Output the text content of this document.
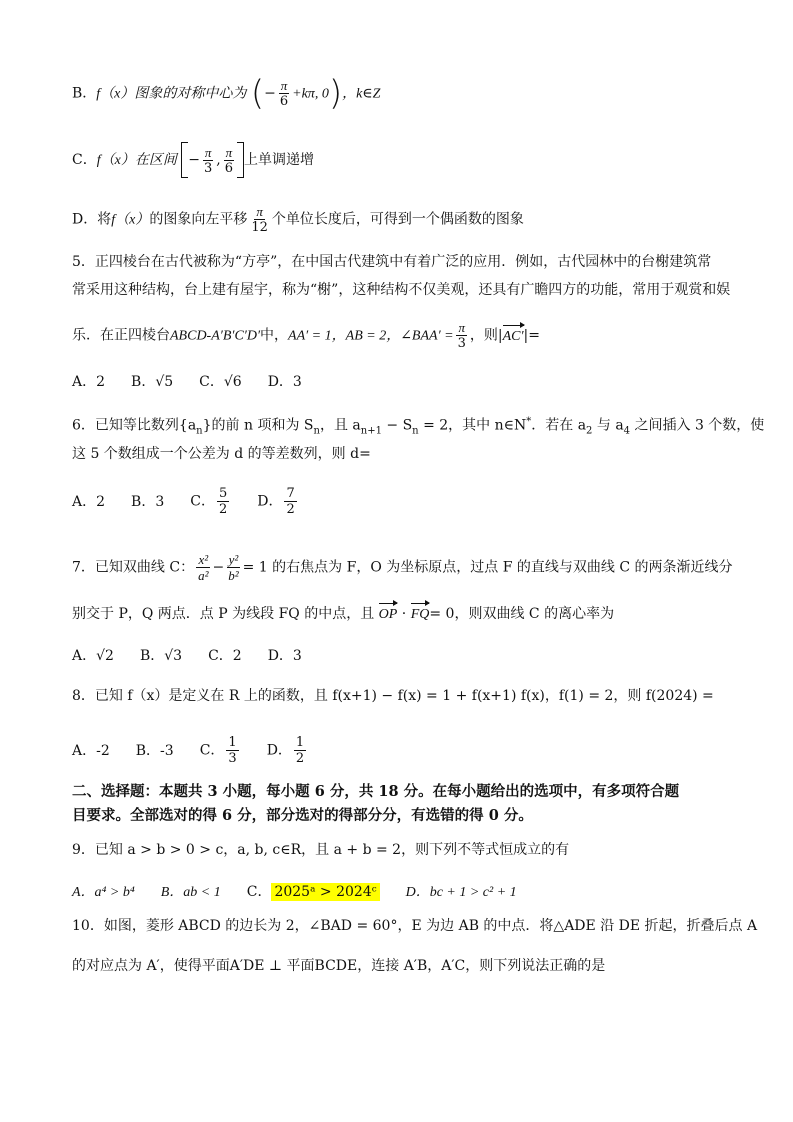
B．f（x）图象的对称中心为 (− $\frac{\pi}{6} +k\pi$, 0)，k∈Z
C．f（x）在区间 − $\frac{\pi}{3}$ , $\frac{\pi}{6}$ 上单调递增
D．将f（x）的图象向左平移 $\frac{\pi}{12}$ 个单位长度后，可得到一个偶函数的图象
5．正四棱台在古代被称为“方亭”，在中国古代建筑中有着广泛的应用．例如，古代园林中的台榭建筑常
常采用这种结构，台上建有屋宇，称为“榭”，这种结构不仅美观，还具有广瞻四方的功能，常用于观赏和娱
乐．在正四棱台ABCD-A′B′C′D′中，AA′ = 1，AB = 2，∠BAA′ = $\frac{\pi}{3}$ ，则|AC′|=
A．2 B．√5 C．√6 D．3
6．已知等比数列$\{a_n\}$的前 n 项和为 $S_n$，且 $a_{n+1} - S_n = 2$，其中 n∈N*．若在 $a_2$ 与 $a_4$ 之间插入 3 个数，使
这 5 个数组成一个公差为 d 的等差数列，则 d=
A．2 B．3 C． $\frac{5}{2}$ D． $\frac{7}{2}$
7．已知双曲线 C： $\frac{\text{x²}}{\text{a²}} - \frac{\text{y²}}{\text{b²}} = 1$ 的右焦点为 F，O 为坐标原点，过点 F 的直线与双曲线 C 的两条渐近线分
别交于 P，Q 两点．点 P 为线段 FQ 的中点，且 OP · FQ= 0，则双曲线 C 的离心率为
A．√2 B．√3 C．2 D．3
8．已知 f（x）是定义在 R 上的函数，且 f(x+1) − f(x) = 1 + f(x+1) f(x)，f(1) = 2，则 f(2024) =
A．-2 B．-3 C． $\frac{1}{3}$ D． $\frac{1}{2}$
二、选择题：本题共 3 小题，每小题 6 分，共 18 分。在每小题给出的选项中，有多项符合题
目要求。全部选对的得 6 分，部分选对的得部分分，有选错的得 0 分。
9．已知 a > b > 0 > c，a, b, c∈R，且 a + b = 2，则下列不等式恒成立的有
A．a⁴ > b⁴ B．ab < 1 C． 2025ᵃ > 2024ᶜ D．bc + 1 > c² + 1
10．如图，菱形 ABCD 的边长为 2，∠BAD = 60°，E 为边 AB 的中点．将△ADE 沿 DE 折起，折叠后点 A
的对应点为 A′，使得平面A′DE ⊥ 平面BCDE，连接 A′B，A′C，则下列说法正确的是
